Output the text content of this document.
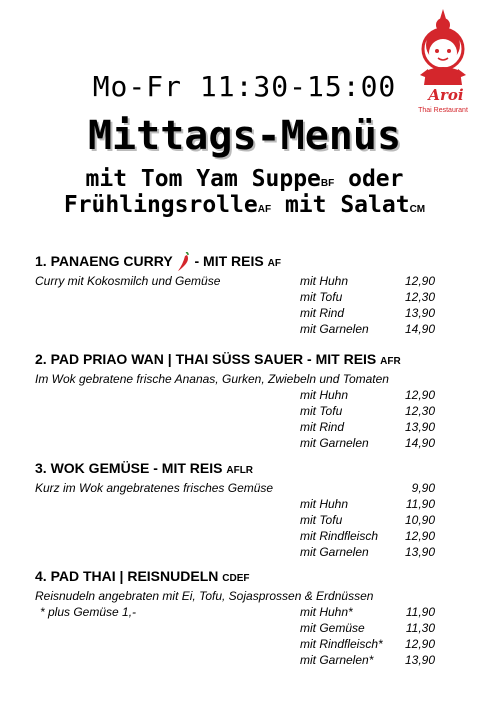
Aroi
Thai Restaurant
Mo-Fr 11:30-15:00
Mittags-Menüs
mit Tom Yam SuppeBF oder
FrühlingsrolleAF mit SalatCM
1. PANAENG CURRY - MIT REIS AF
Curry mit Kokosmilch und Gemüse	mit Huhn	12,90
mit Tofu	12,30
mit Rind	13,90
mit Garnelen	14,90
2. PAD PRIAO WAN | THAI SÜSS SAUER - MIT REIS AFR
Im Wok gebratene frische Ananas, Gurken, Zwiebeln und Tomaten
mit Huhn	12,90
mit Tofu	12,30
mit Rind	13,90
mit Garnelen	14,90
3. WOK GEMÜSE - MIT REIS AFLR
Kurz im Wok angebratenes frisches Gemüse	9,90
mit Huhn	11,90
mit Tofu	10,90
mit Rindfleisch 12,90
mit Garnelen	13,90
4. PAD THAI | REISNUDELN CDEF
Reisnudeln angebraten mit Ei, Tofu, Sojasprossen & Erdnüssen
* plus Gemüse 1,-	mit Huhn*	11,90
mit Gemüse	11,30
mit Rindfleisch* 12,90
mit Garnelen*	13,90
